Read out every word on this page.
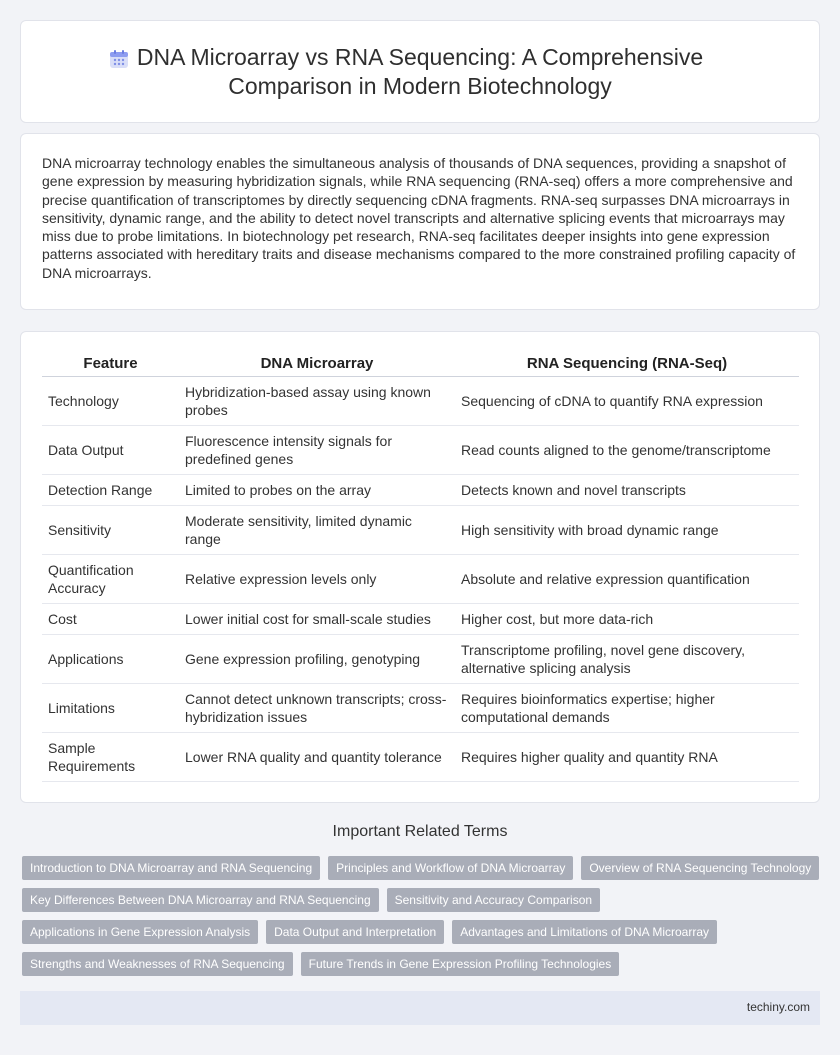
DNA Microarray vs RNA Sequencing: A Comprehensive Comparison in Modern Biotechnology

DNA microarray technology enables the simultaneous analysis of thousands of DNA sequences, providing a snapshot of gene expression by measuring hybridization signals, while RNA sequencing (RNA-seq) offers a more comprehensive and precise quantification of transcriptomes by directly sequencing cDNA fragments. RNA-seq surpasses DNA microarrays in sensitivity, dynamic range, and the ability to detect novel transcripts and alternative splicing events that microarrays may miss due to probe limitations. In biotechnology pet research, RNA-seq facilitates deeper insights into gene expression patterns associated with hereditary traits and disease mechanisms compared to the more constrained profiling capacity of DNA microarrays.

Feature	DNA Microarray	RNA Sequencing (RNA-Seq)
Technology	Hybridization-based assay using known probes	Sequencing of cDNA to quantify RNA expression
Data Output	Fluorescence intensity signals for predefined genes	Read counts aligned to the genome/transcriptome
Detection Range	Limited to probes on the array	Detects known and novel transcripts
Sensitivity	Moderate sensitivity, limited dynamic range	High sensitivity with broad dynamic range
Quantification Accuracy	Relative expression levels only	Absolute and relative expression quantification
Cost	Lower initial cost for small-scale studies	Higher cost, but more data-rich
Applications	Gene expression profiling, genotyping	Transcriptome profiling, novel gene discovery, alternative splicing analysis
Limitations	Cannot detect unknown transcripts; cross-hybridization issues	Requires bioinformatics expertise; higher computational demands
Sample Requirements	Lower RNA quality and quantity tolerance	Requires higher quality and quantity RNA
Important Related Terms
Introduction to DNA Microarray and RNA Sequencing	Principles and Workflow of DNA Microarray	Overview of RNA Sequencing Technology
Key Differences Between DNA Microarray and RNA Sequencing	Sensitivity and Accuracy Comparison
Applications in Gene Expression Analysis	Data Output and Interpretation	Advantages and Limitations of DNA Microarray
Strengths and Weaknesses of RNA Sequencing	Future Trends in Gene Expression Profiling Technologies
techiny.com
